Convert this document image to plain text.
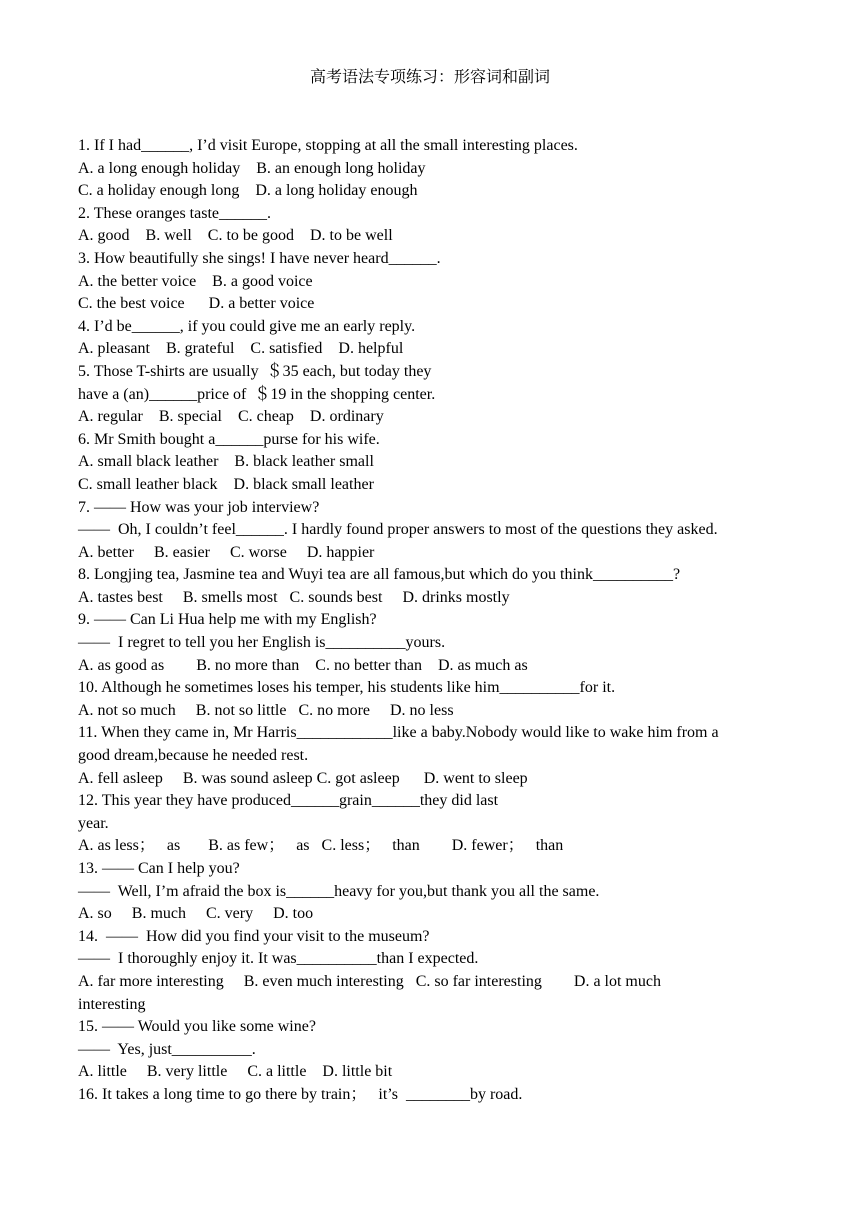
高考语法专项练习：形容词和副词
1. If I had______, I’d visit Europe, stopping at all the small interesting places.
A. a long enough holiday    B. an enough long holiday
C. a holiday enough long    D. a long holiday enough
2. These oranges taste______.
A. good    B. well    C. to be good    D. to be well
3. How beautifully she sings! I have never heard______.
A. the better voice    B. a good voice
C. the best voice      D. a better voice
4. I’d be______, if you could give me an early reply.
A. pleasant    B. grateful    C. satisfied    D. helpful
5. Those T-shirts are usually  ＄35 each, but today they
have a (an)______price of  ＄19 in the shopping center.
A. regular    B. special    C. cheap    D. ordinary
6. Mr Smith bought a______purse for his wife.
A. small black leather    B. black leather small
C. small leather black    D. black small leather
7. —— How was your job interview?
——  Oh, I couldn’t feel______. I hardly found proper answers to most of the questions they asked.
A. better     B. easier     C. worse     D. happier
8. Longjing tea, Jasmine tea and Wuyi tea are all famous,but which do you think__________?
A. tastes best     B. smells most   C. sounds best     D. drinks mostly
9. —— Can Li Hua help me with my English?
——  I regret to tell you her English is__________yours.
A. as good as        B. no more than    C. no better than    D. as much as
10. Although he sometimes loses his temper, his students like him__________for it.
A. not so much     B. not so little   C. no more     D. no less
11. When they came in, Mr Harris____________like a baby.Nobody would like to wake him from a
good dream,because he needed rest.
A. fell asleep     B. was sound asleep C. got asleep      D. went to sleep
12. This year they have produced______grain______they did last
year.
A. as less；   as       B. as few；   as   C. less；   than        D. fewer；   than
13. —— Can I help you?
——  Well, I’m afraid the box is______heavy for you,but thank you all the same.
A. so     B. much     C. very     D. too
14.  ——  How did you find your visit to the museum?
——  I thoroughly enjoy it. It was__________than I expected.
A. far more interesting     B. even much interesting   C. so far interesting        D. a lot much
interesting
15. —— Would you like some wine?
——  Yes, just__________.
A. little     B. very little     C. a little    D. little bit
16. It takes a long time to go there by train；   it’s  ________by road.
